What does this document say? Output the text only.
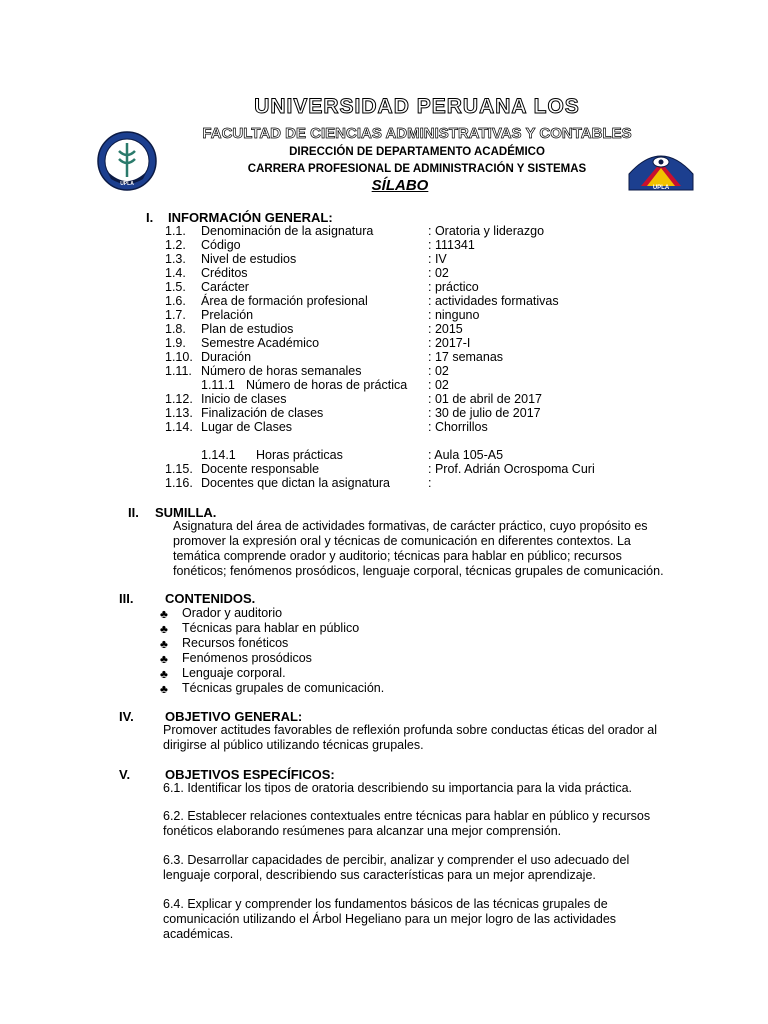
UPLA
UPLA
UNIVERSIDAD PERUANA LOS
FACULTAD DE CIENCIAS ADMINISTRATIVAS Y CONTABLES
DIRECCIÓN DE DEPARTAMENTO ACADÉMICO
CARRERA PROFESIONAL DE ADMINISTRACIÓN Y SISTEMAS
SÍLABO
I. INFORMACIÓN GENERAL:
1.1. Denominación de la asignatura	: Oratoria y liderazgo
1.2. Código	: 111341
1.3. Nivel de estudios	: IV
1.4. Créditos	: 02
1.5. Carácter	: práctico
1.6. Área de formación profesional	: actividades formativas
1.7. Prelación	: ninguno
1.8. Plan de estudios	: 2015
1.9. Semestre Académico	: 2017-I
1.10. Duración	: 17 semanas
1.11. Número de horas semanales	: 02
1.11.1 Número de horas de práctica : 02
1.12. Inicio de clases	: 01 de abril de 2017
1.13. Finalización de clases	: 30 de julio de 2017
1.14. Lugar de Clases	: Chorrillos
1.14.1 Horas prácticas	: Aula 105-A5
1.15. Docente responsable	: Prof. Adrián Ocrospoma Curi
1.16. Docentes que dictan la asignatura	:
II. SUMILLA.
Asignatura del área de actividades formativas, de carácter práctico, cuyo propósito es
promover la expresión oral y técnicas de comunicación en diferentes contextos. La
temática comprende orador y auditorio; técnicas para hablar en público; recursos
fonéticos; fenómenos prosódicos, lenguaje corporal, técnicas grupales de comunicación.
III. CONTENIDOS.
♣ Orador y auditorio
♣ Técnicas para hablar en público
♣ Recursos fonéticos
♣ Fenómenos prosódicos
♣ Lenguaje corporal.
♣ Técnicas grupales de comunicación.
IV. OBJETIVO GENERAL:
Promover actitudes favorables de reflexión profunda sobre conductas éticas del orador al
dirigirse al público utilizando técnicas grupales.
V.	OBJETIVOS ESPECÍFICOS:
6.1. Identificar los tipos de oratoria describiendo su importancia para la vida práctica.
6.2. Establecer relaciones contextuales entre técnicas para hablar en público y recursos
fonéticos elaborando resúmenes para alcanzar una mejor comprensión.
6.3. Desarrollar capacidades de percibir, analizar y comprender el uso adecuado del
lenguaje corporal, describiendo sus características para un mejor aprendizaje.
6.4. Explicar y comprender los fundamentos básicos de las técnicas grupales de
comunicación utilizando el Árbol Hegeliano para un mejor logro de las actividades
académicas.
